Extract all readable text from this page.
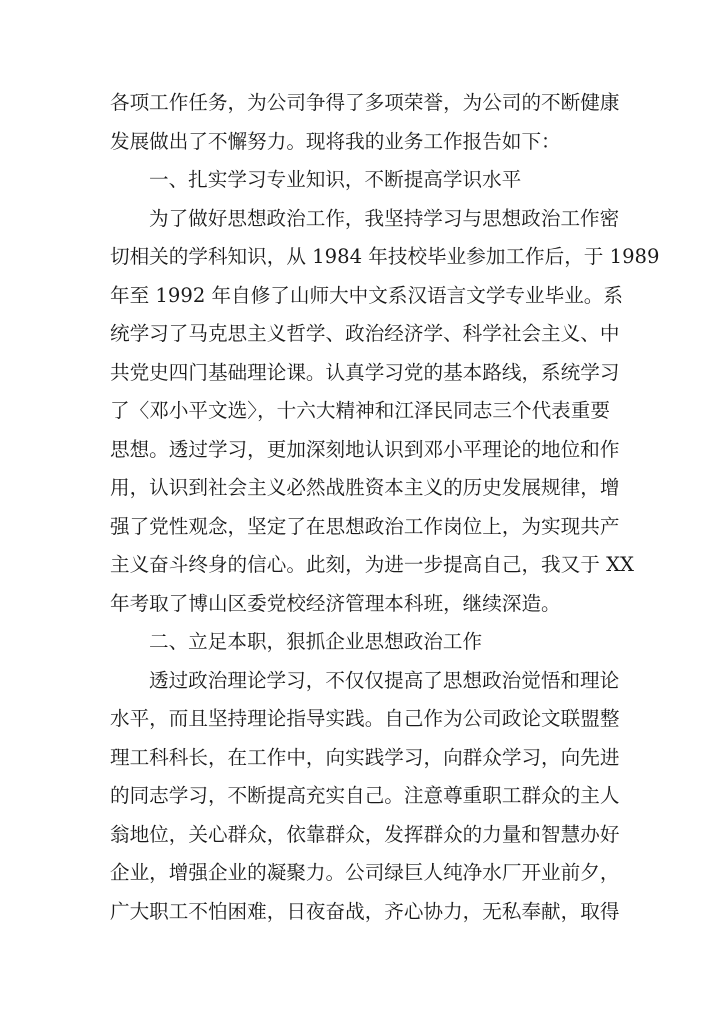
各项工作任务，为公司争得了多项荣誉，为公司的不断健康
发展做出了不懈努力。现将我的业务工作报告如下：
一、扎实学习专业知识，不断提高学识水平
为了做好思想政治工作，我坚持学习与思想政治工作密
切相关的学科知识，从 1984 年技校毕业参加工作后，于 1989
年至 1992 年自修了山师大中文系汉语言文学专业毕业。系
统学习了马克思主义哲学、政治经济学、科学社会主义、中
共党史四门基础理论课。认真学习党的基本路线，系统学习
了〈邓小平文选〉，十六大精神和江泽民同志三个代表重要
思想。透过学习，更加深刻地认识到邓小平理论的地位和作
用，认识到社会主义必然战胜资本主义的历史发展规律，增
强了党性观念，坚定了在思想政治工作岗位上，为实现共产
主义奋斗终身的信心。此刻，为进一步提高自己，我又于 XX
年考取了博山区委党校经济管理本科班，继续深造。
二、立足本职，狠抓企业思想政治工作
透过政治理论学习，不仅仅提高了思想政治觉悟和理论
水平，而且坚持理论指导实践。自己作为公司政论文联盟整
理工科科长，在工作中，向实践学习，向群众学习，向先进
的同志学习，不断提高充实自己。注意尊重职工群众的主人
翁地位，关心群众，依靠群众，发挥群众的力量和智慧办好
企业，增强企业的凝聚力。公司绿巨人纯净水厂开业前夕，
广大职工不怕困难，日夜奋战，齐心协力，无私奉献，取得
